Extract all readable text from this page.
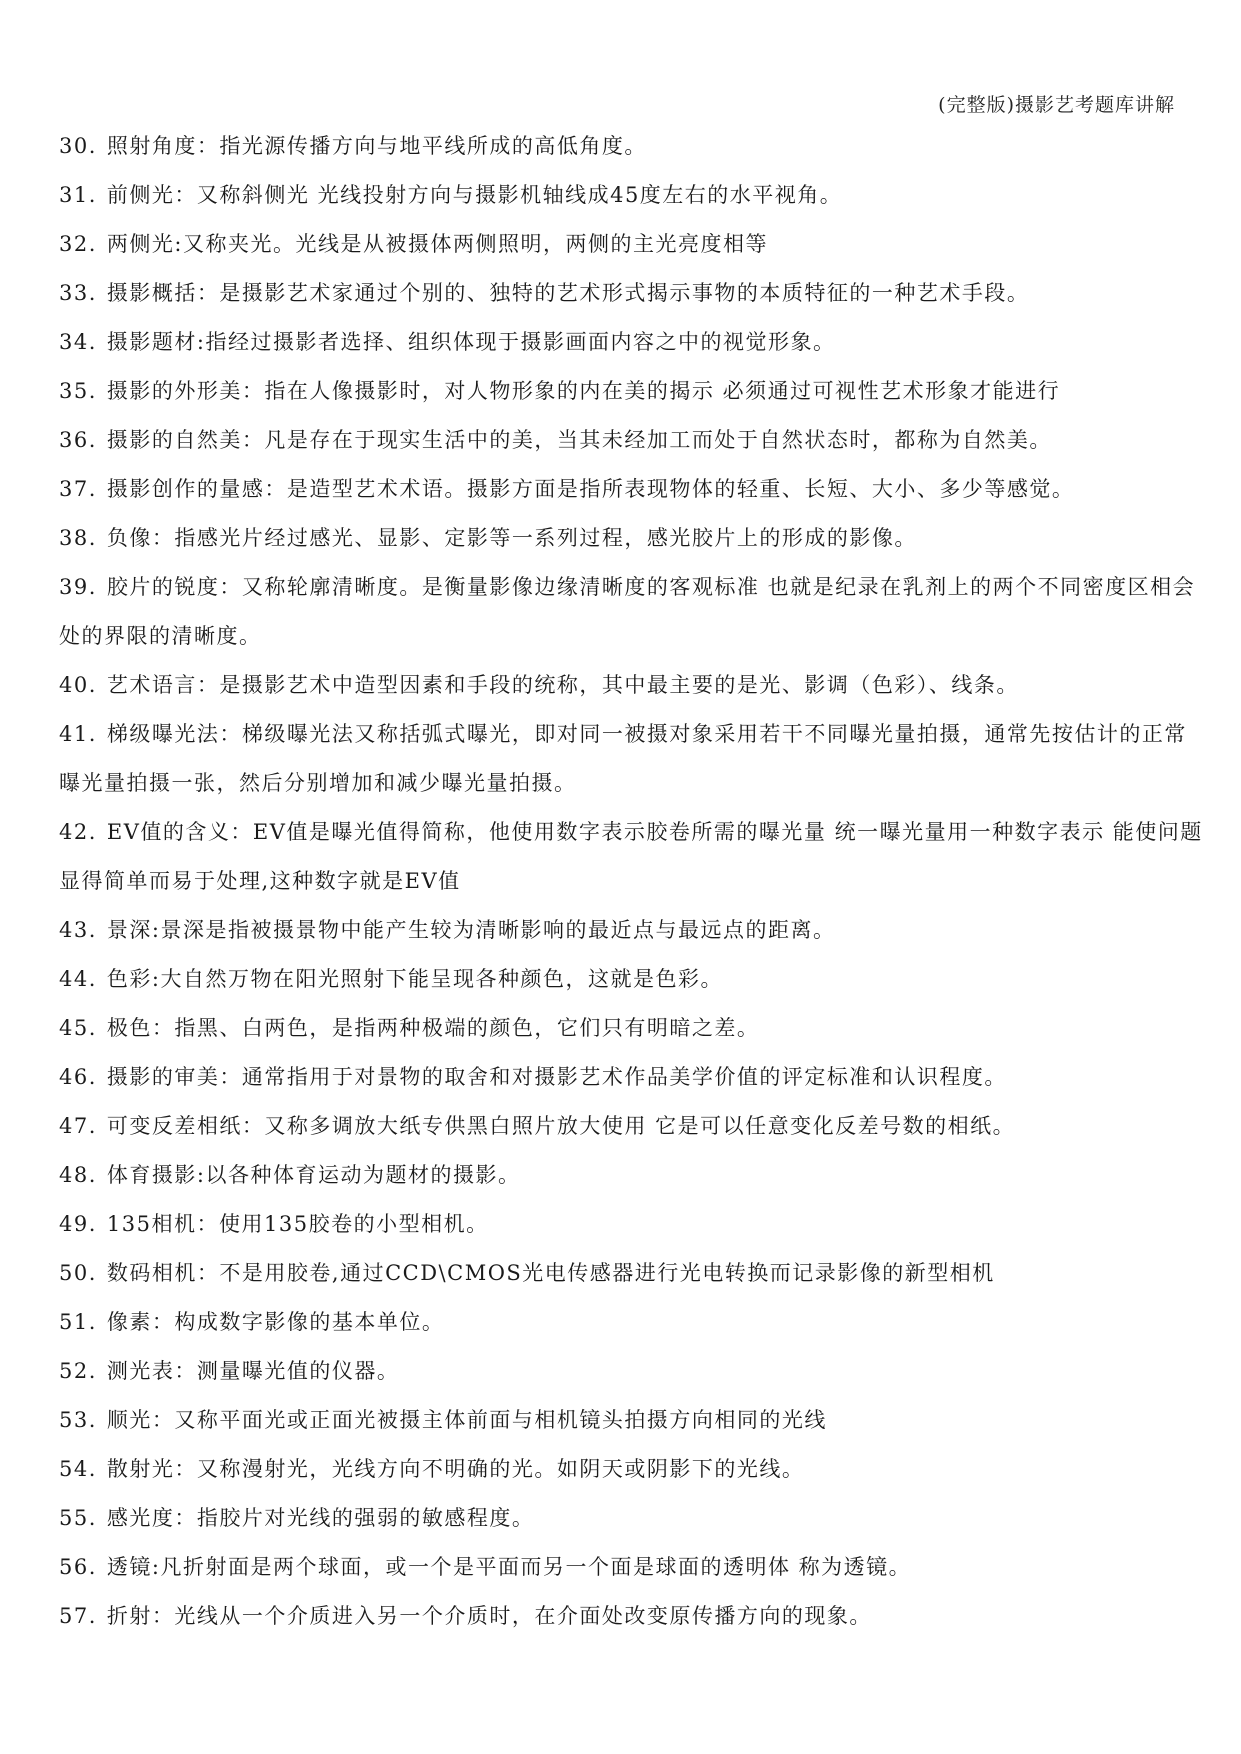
(完整版)摄影艺考题库讲解

30. 照射角度：指光源传播方向与地平线所成的高低角度。

31. 前侧光：又称斜侧光 光线投射方向与摄影机轴线成45度左右的水平视角。

32. 两侧光:又称夹光。光线是从被摄体两侧照明，两侧的主光亮度相等

33. 摄影概括：是摄影艺术家通过个别的、独特的艺术形式揭示事物的本质特征的一种艺术手段。

34. 摄影题材:指经过摄影者选择、组织体现于摄影画面内容之中的视觉形象。

35. 摄影的外形美：指在人像摄影时，对人物形象的内在美的揭示 必须通过可视性艺术形象才能进行

36. 摄影的自然美：凡是存在于现实生活中的美，当其未经加工而处于自然状态时，都称为自然美。

37. 摄影创作的量感：是造型艺术术语。摄影方面是指所表现物体的轻重、长短、大小、多少等感觉。

38. 负像：指感光片经过感光、显影、定影等一系列过程，感光胶片上的形成的影像。

39. 胶片的锐度：又称轮廓清晰度。是衡量影像边缘清晰度的客观标准 也就是纪录在乳剂上的两个不同密度区相会处的界限的清晰度。

40. 艺术语言：是摄影艺术中造型因素和手段的统称，其中最主要的是光、影调（色彩）、线条。

41. 梯级曝光法：梯级曝光法又称括弧式曝光，即对同一被摄对象采用若干不同曝光量拍摄，通常先按估计的正常曝光量拍摄一张，然后分别增加和减少曝光量拍摄。

42. EV值的含义：EV值是曝光值得简称，他使用数字表示胶卷所需的曝光量 统一曝光量用一种数字表示 能使问题显得简单而易于处理,这种数字就是EV值

43. 景深:景深是指被摄景物中能产生较为清晰影响的最近点与最远点的距离。

44. 色彩:大自然万物在阳光照射下能呈现各种颜色，这就是色彩。

45. 极色：指黑、白两色，是指两种极端的颜色，它们只有明暗之差。

46. 摄影的审美：通常指用于对景物的取舍和对摄影艺术作品美学价值的评定标准和认识程度。

47. 可变反差相纸：又称多调放大纸专供黑白照片放大使用 它是可以任意变化反差号数的相纸。

48. 体育摄影:以各种体育运动为题材的摄影。

49. 135相机：使用135胶卷的小型相机。

50. 数码相机：不是用胶卷,通过CCD\CMOS光电传感器进行光电转换而记录影像的新型相机

51. 像素：构成数字影像的基本单位。

52. 测光表：测量曝光值的仪器。

53. 顺光：又称平面光或正面光被摄主体前面与相机镜头拍摄方向相同的光线

54. 散射光：又称漫射光，光线方向不明确的光。如阴天或阴影下的光线。

55. 感光度：指胶片对光线的强弱的敏感程度。

56. 透镜:凡折射面是两个球面，或一个是平面而另一个面是球面的透明体 称为透镜。

57. 折射：光线从一个介质进入另一个介质时，在介面处改变原传播方向的现象。
